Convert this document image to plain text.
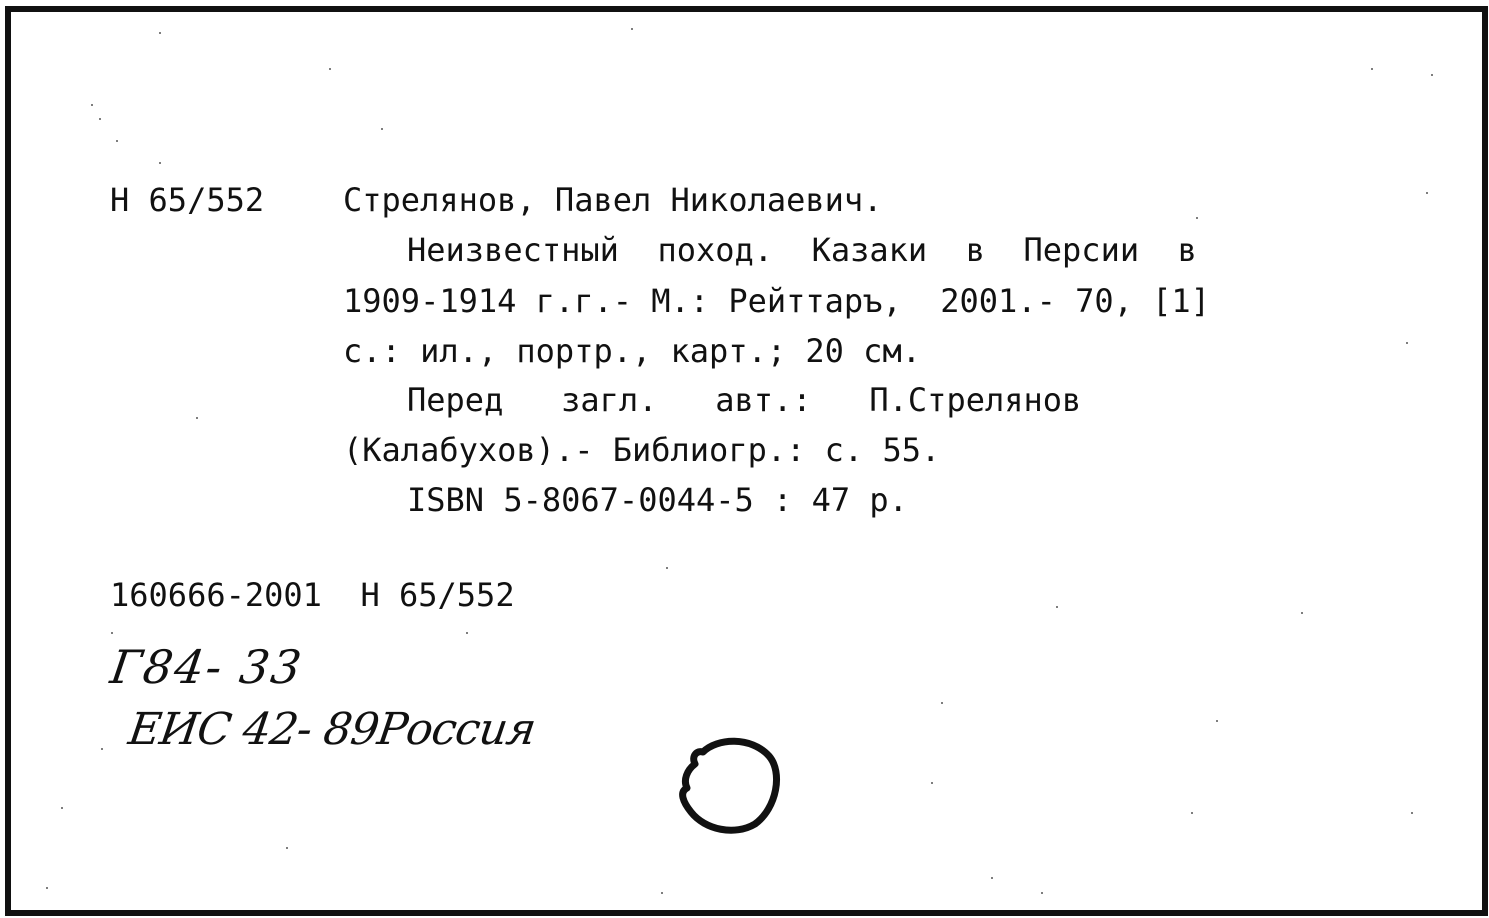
Н 65/552 Стрелянов, Павел Николаевич.
Неизвестный  поход.  Казаки  в  Персии  в
1909-1914 г.г.- М.: Рейттаръ,  2001.- 70, [1]
с.: ил., портр., карт.; 20 см.
Перед   загл.   авт.:   П.Стрелянов
(Калабухов).- Библиогр.: с. 55.
ISBN 5-8067-0044-5 : 47 р.
160666-2001  Н 65/552
Г84- 33
ЕИС 42- 89Россия
